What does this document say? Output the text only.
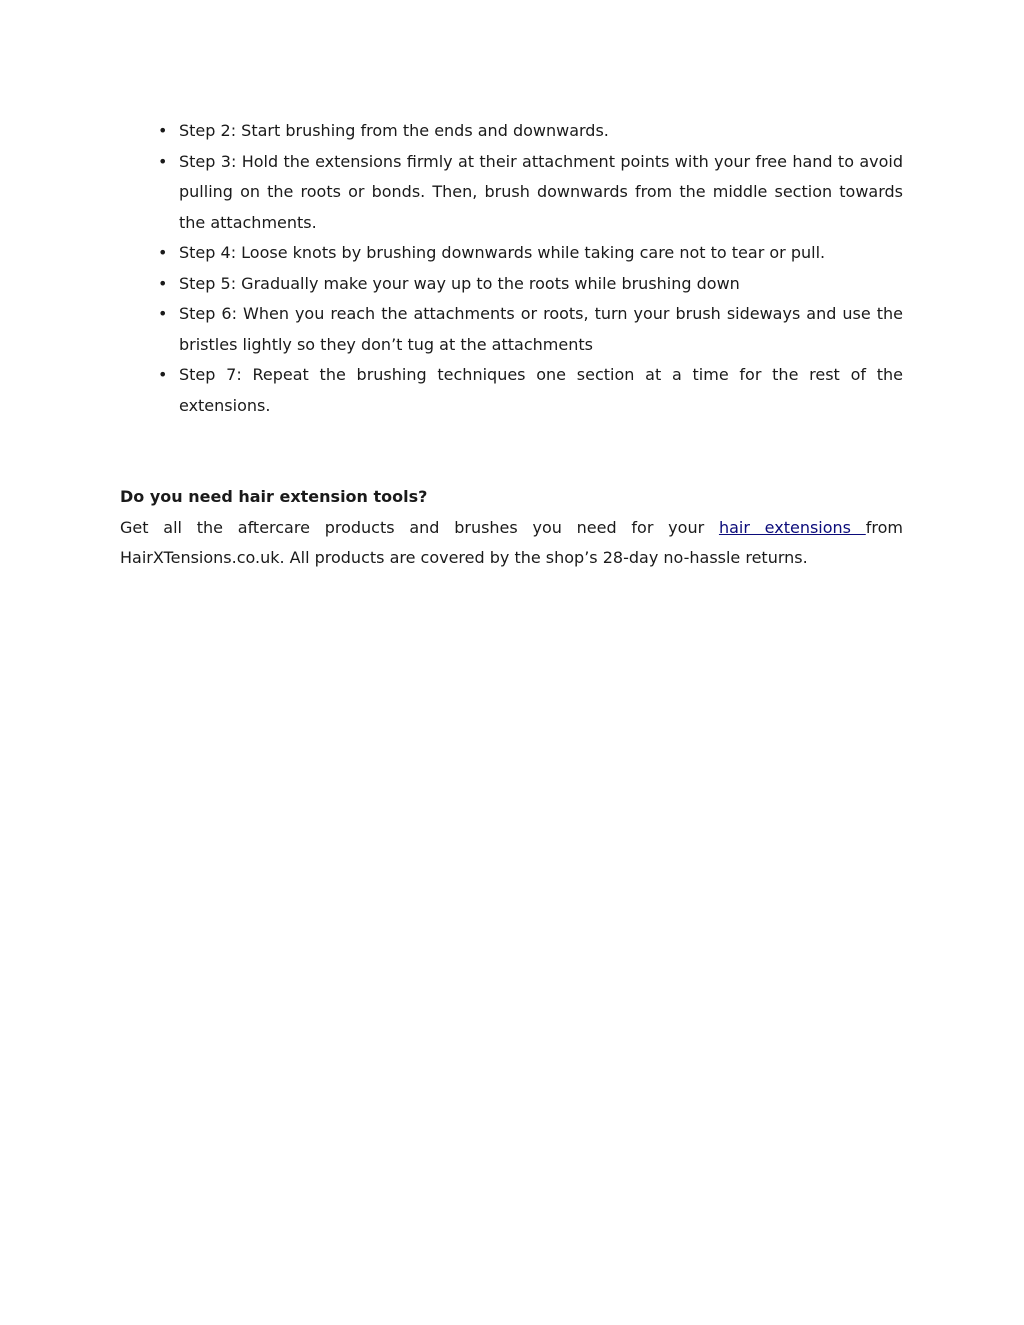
• Step 2: Start brushing from the ends and downwards.
• Step 3: Hold the extensions firmly at their attachment points with your free hand to avoid pulling on the roots or bonds. Then, brush downwards from the middle section towards the attachments.
• Step 4: Loose knots by brushing downwards while taking care not to tear or pull.
• Step 5: Gradually make your way up to the roots while brushing down
• Step 6: When you reach the attachments or roots, turn your brush sideways and use the bristles lightly so they don’t tug at the attachments
• Step 7: Repeat the brushing techniques one section at a time for the rest of the extensions.
Do you need hair extension tools?

Get all the aftercare products and brushes you need for your hair extensions from HairXTensions.co.uk. All products are covered by the shop’s 28-day no-hassle returns.
